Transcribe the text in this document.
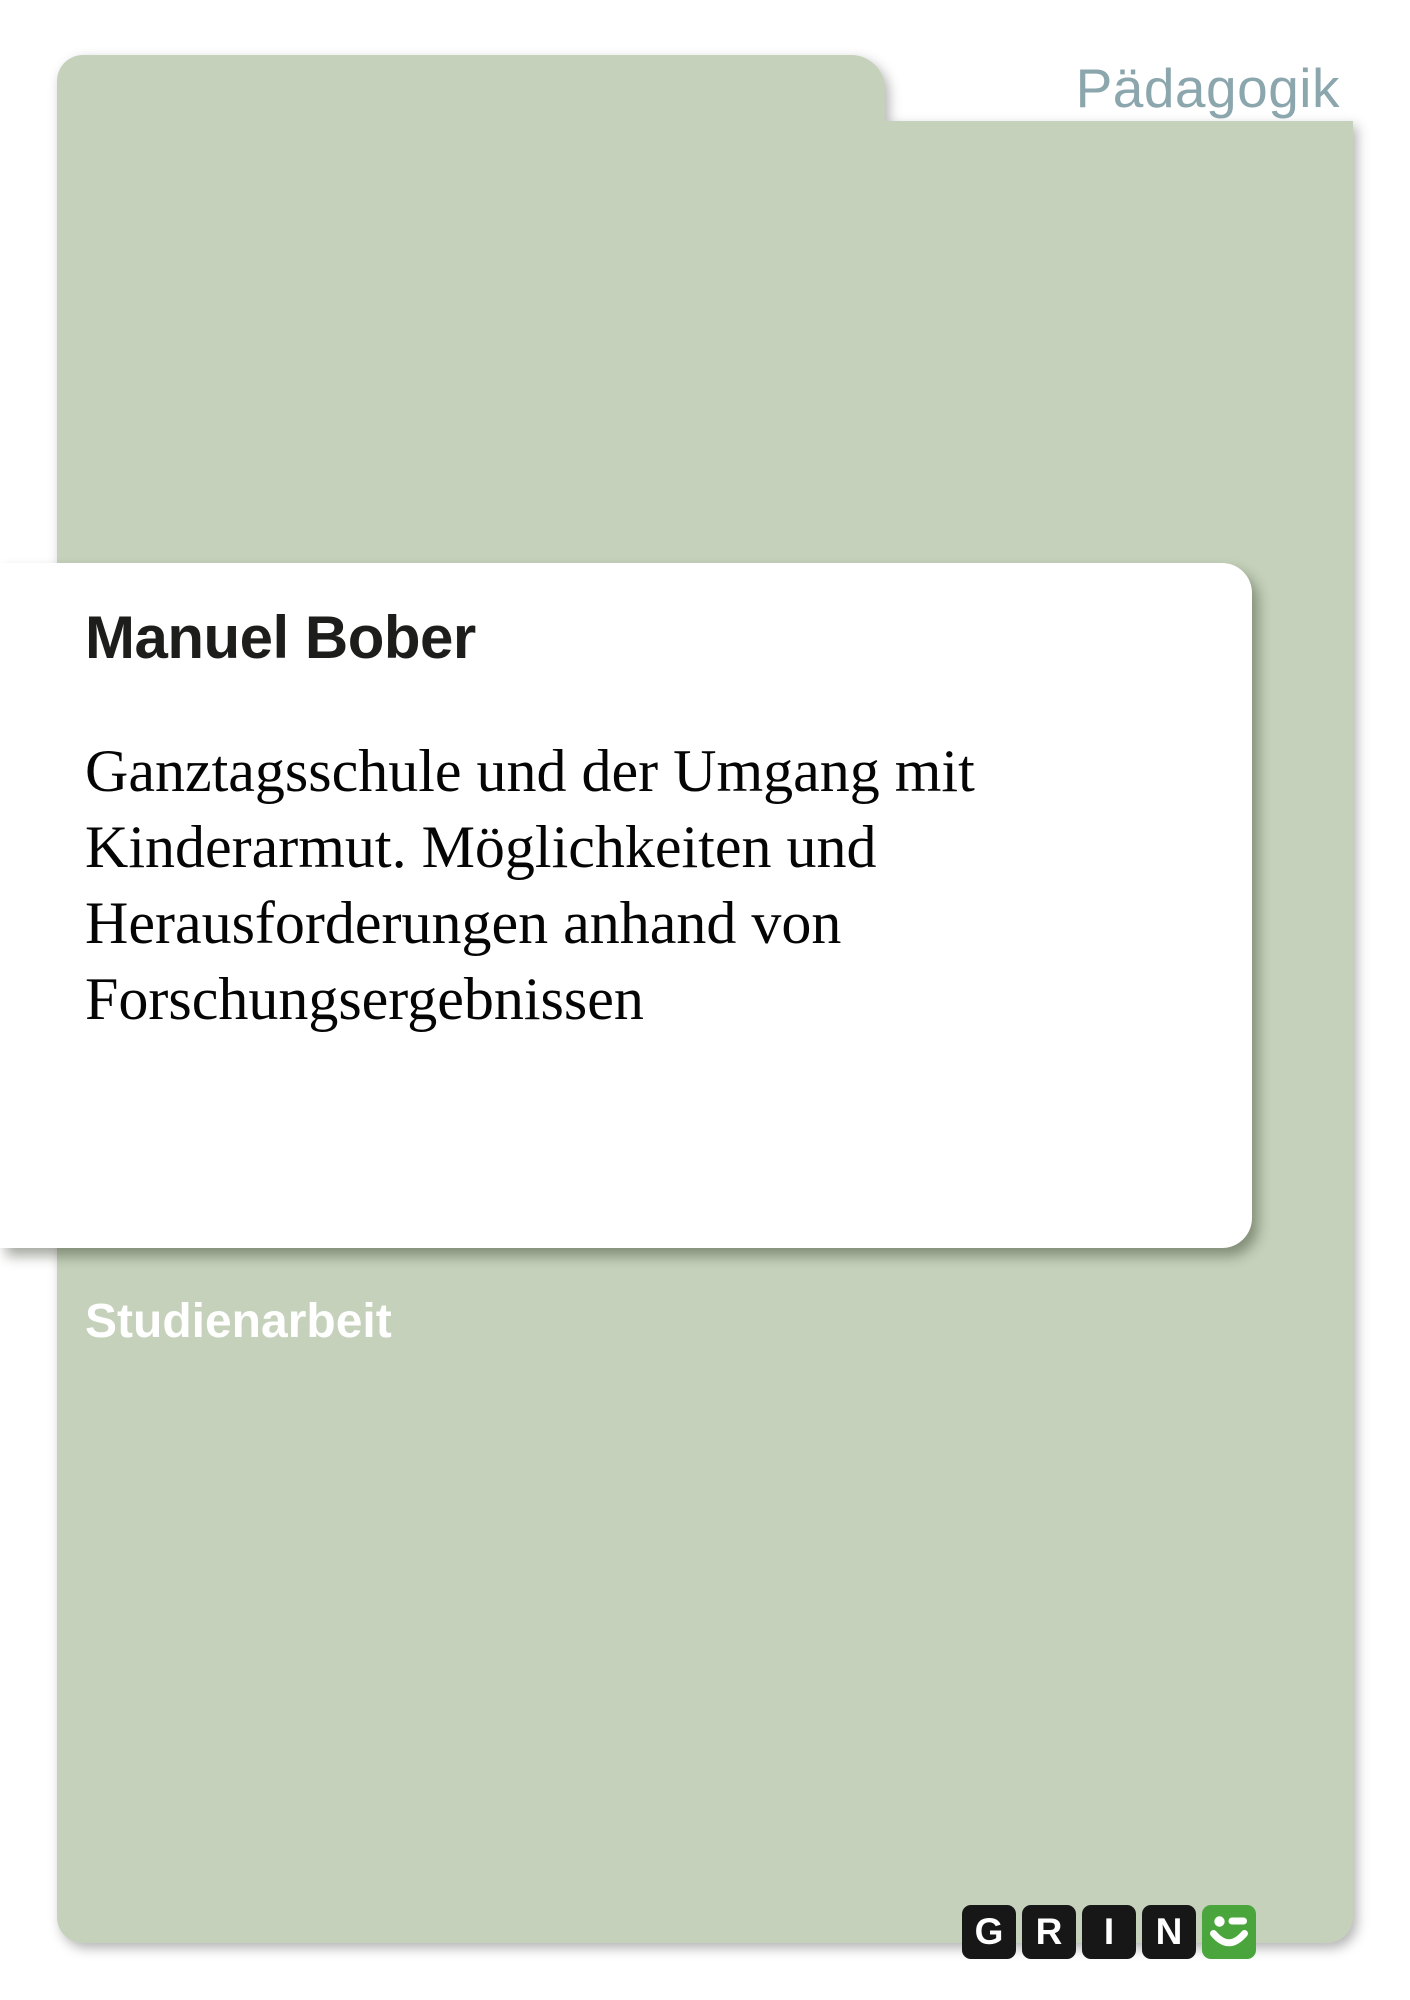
Pädagogik
Manuel Bober
Ganztagsschule und der Umgang mit
Kinderarmut. Möglichkeiten und
Herausforderungen anhand von
Forschungsergebnissen
Studienarbeit
G R	I	N
